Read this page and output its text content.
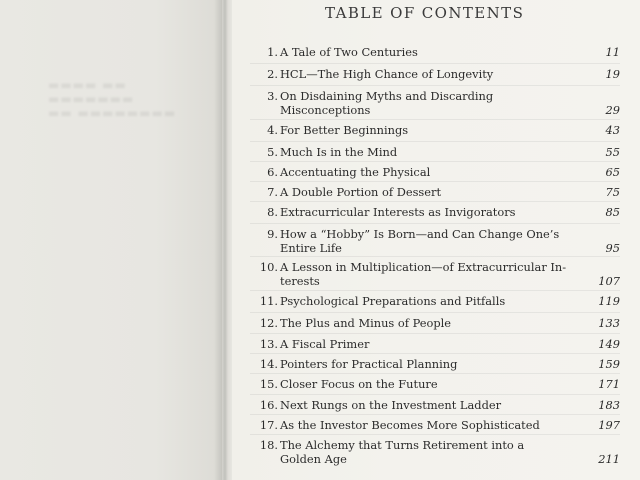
▬▬▬▬ ▬▬ ▬▬▬▬▬▬▬
▬▬ ▬▬▬▬▬▬▬▬
TABLE OF CONTENTS
1. A Tale of Two Centuries	11
2. HCL—The High Chance of Longevity	19
3. On Disdaining Myths and Discarding
Misconceptions	29
4. For Better Beginnings	43
5. Much Is in the Mind	55
6. Accentuating the Physical	65
7. A Double Portion of Dessert	75
8. Extracurricular Interests as Invigorators	85
9. How a “Hobby” Is Born—and Can Change One’s
Entire Life	95
10. A Lesson in Multiplication—of Extracurricular In-
terests	107
11. Psychological Preparations and Pitfalls	119
12. The Plus and Minus of People	133
13. A Fiscal Primer	149
14. Pointers for Practical Planning	159
15. Closer Focus on the Future	171
16. Next Rungs on the Investment Ladder	183
17. As the Investor Becomes More Sophisticated	197
18. The Alchemy that Turns Retirement into a
Golden Age	211
